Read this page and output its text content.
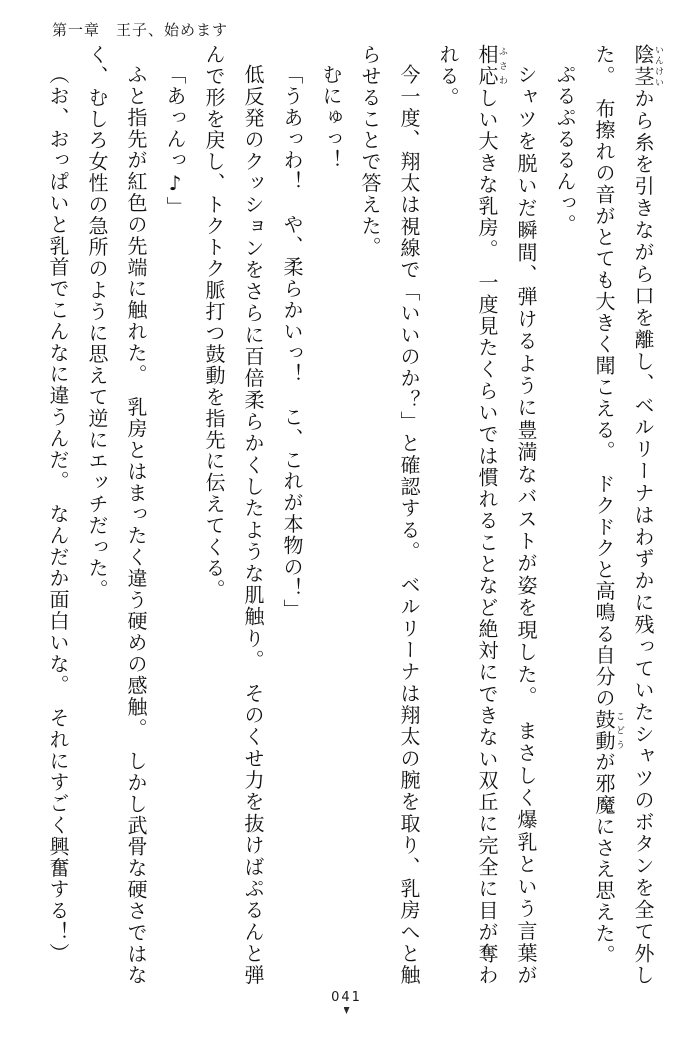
第一章　王子、始めます

陰茎いんけいから糸を引きながら口を離し、ベルリーナはわずかに残っていたシャツのボタンを全て外した。　布擦れの音がとても大きく聞こえる。　ドクドクと高鳴る自分の鼓動こどうが邪魔にさえ思えた。

ぷるぷるるんっ。

シャツを脱いだ瞬間、弾けるように豊満なバストが姿を現した。　まさしく爆乳という言葉が相応ふさわしい大きな乳房。　一度見たくらいでは慣れることなど絶対にできない双丘に完全に目が奪われる。

今一度、翔太は視線で「いいのか？」と確認する。　ベルリーナは翔太の腕を取り、乳房へと触らせることで答えた。

むにゅっ！

「うあっわ！　や、柔らかいっ！　こ、これが本物の！」

低反発のクッションをさらに百倍柔らかくしたような肌触り。　そのくせ力を抜けばぷるんと弾んで形を戻し、トクトク脈打つ鼓動を指先に伝えてくる。

「あっんっ♪」

ふと指先が紅色の先端に触れた。　乳房とはまったく違う硬めの感触。　しかし武骨な硬さではなく、むしろ女性の急所のように思えて逆にエッチだった。

（お、おっぱいと乳首でこんなに違うんだ。　なんだか面白いな。　それにすごく興奮する！）

041
